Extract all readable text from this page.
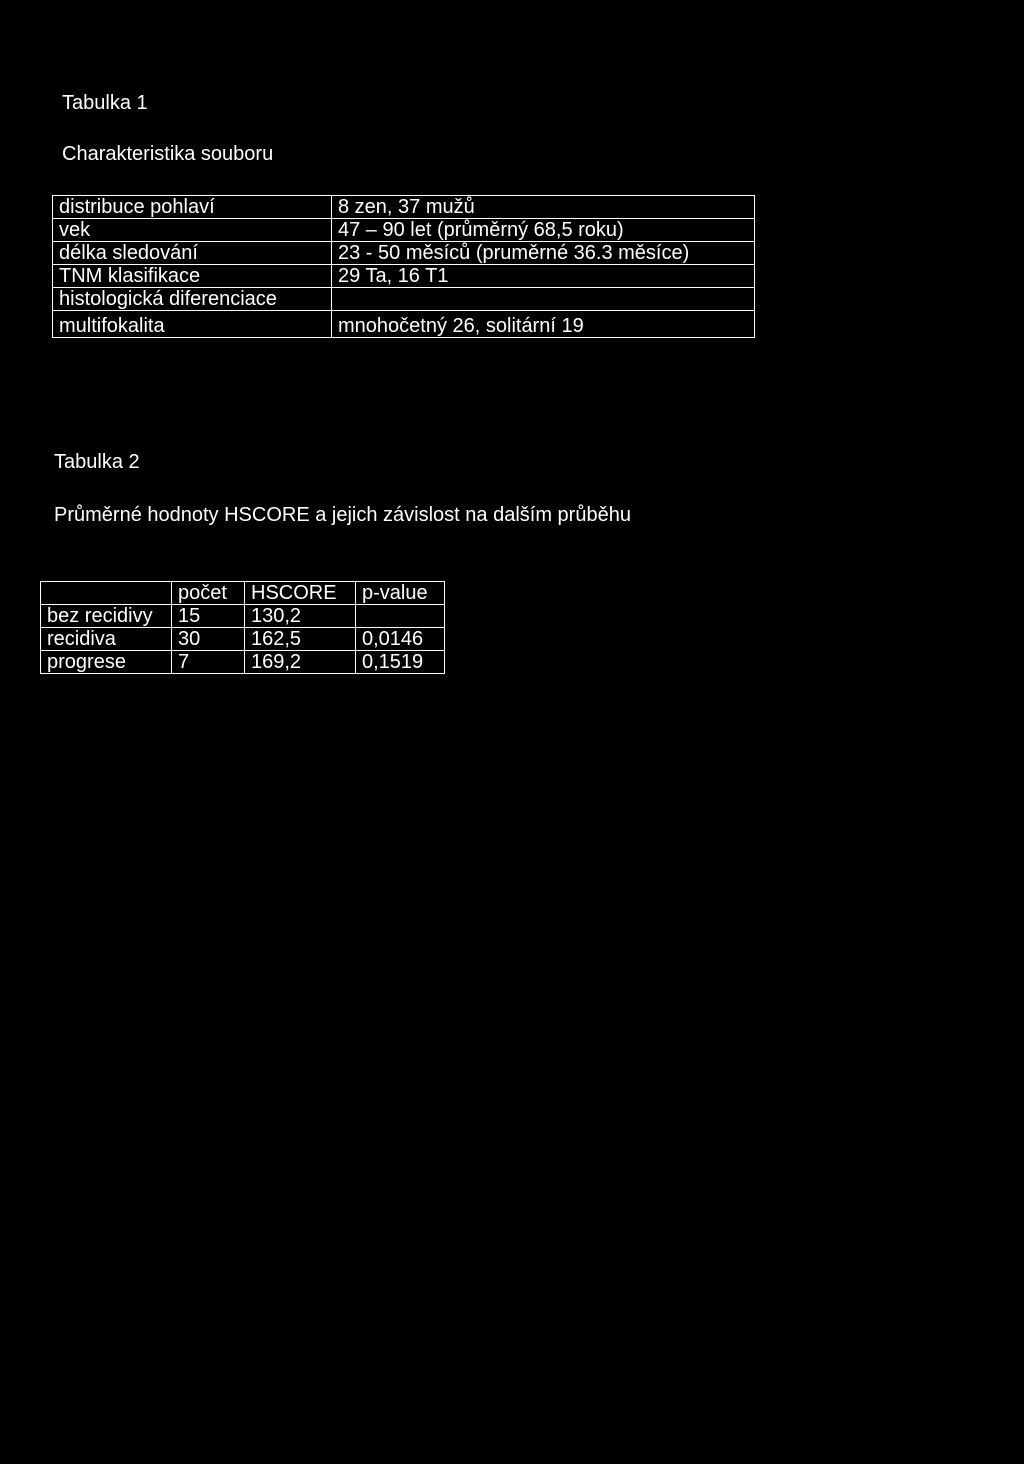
Tabulka 1
Charakteristika souboru
distribuce pohlaví	8 zen, 37 mužů
vek	47 – 90 let (průměrný 68,5 roku)
délka sledování	23 - 50 měsíců (pruměrné 36.3 měsíce)
TNM klasifikace	29 Ta, 16 T1
histologická diferenciace	
multifokalita	mnohočetný 26, solitární 19
Tabulka 2
Průměrné hodnoty HSCORE a jejich závislost na dalším průběhu
	počet	HSCORE	p-value
bez recidivy	15	130,2	
recidiva	30	162,5	0,0146
progrese	7	169,2	0,1519
